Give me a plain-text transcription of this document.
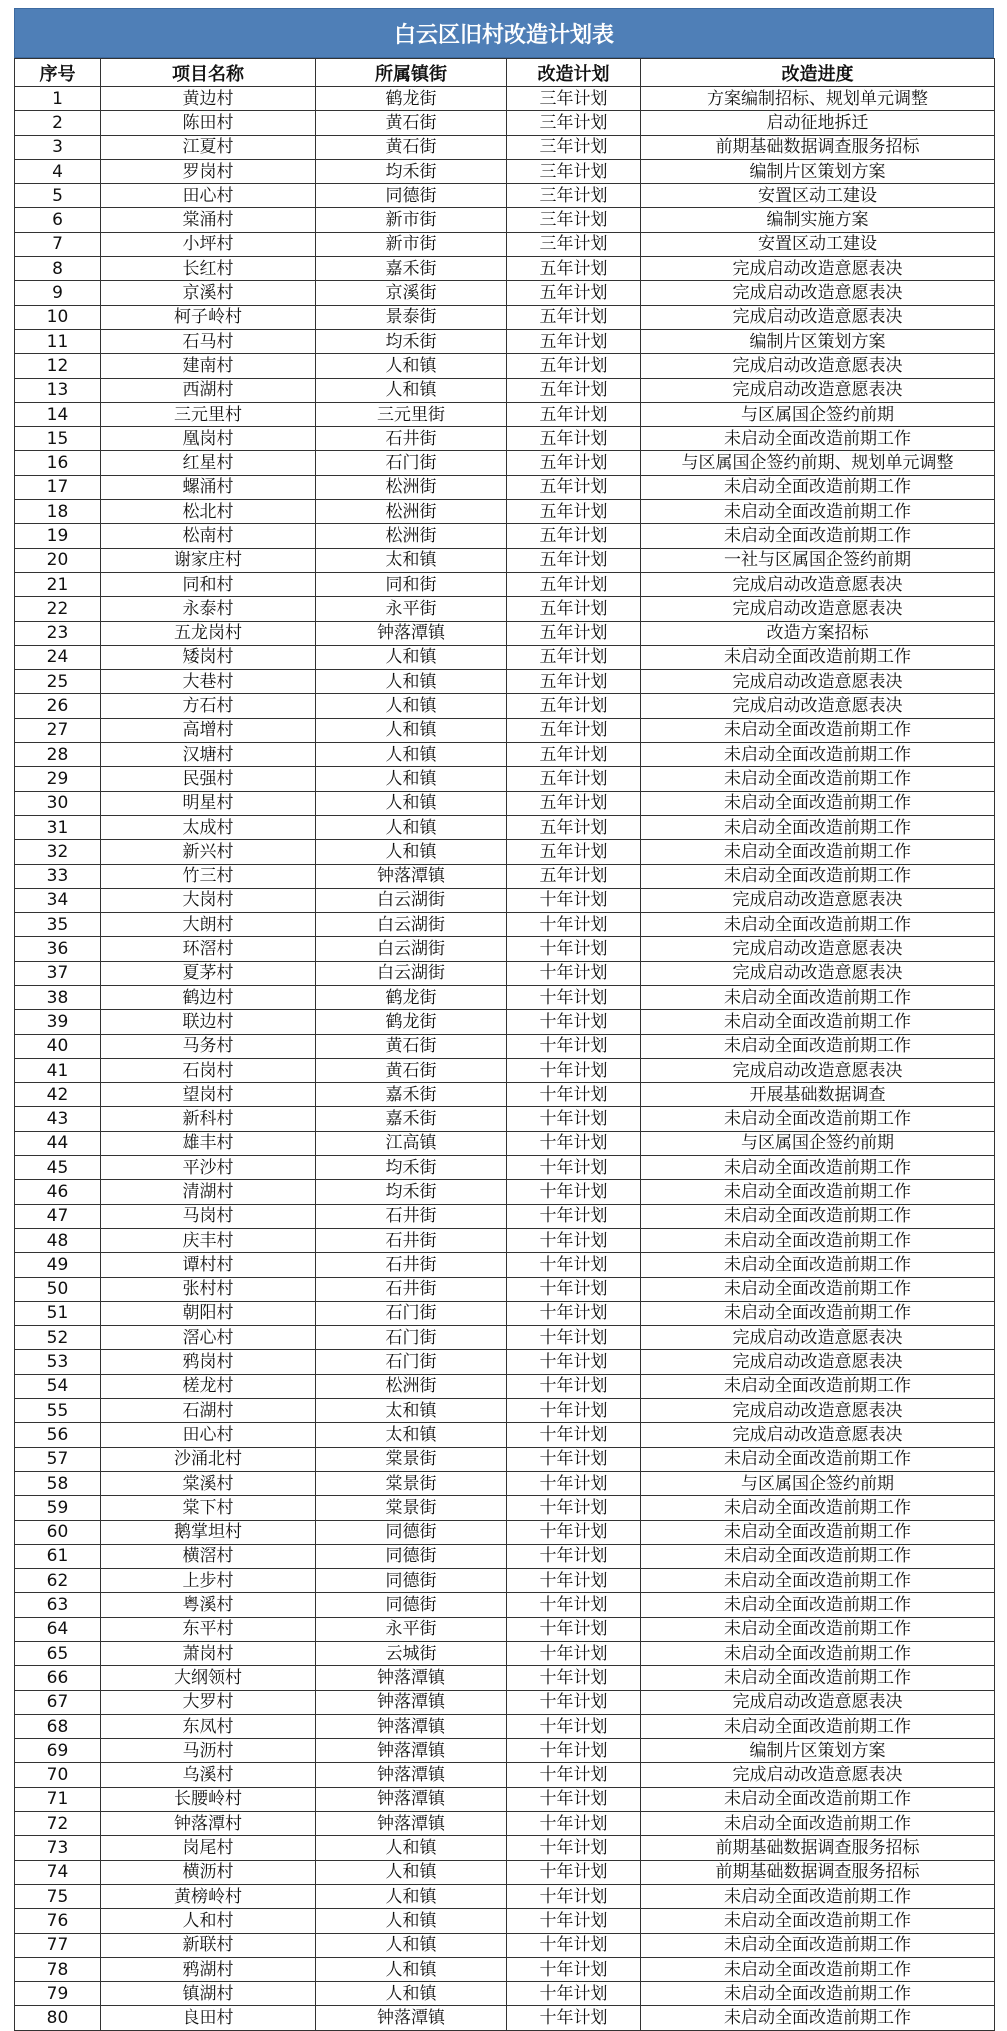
白云区旧村改造计划表
序号	项目名称	所属镇街	改造计划	改造进度
1	黄边村	鹤龙街	三年计划	方案编制招标、规划单元调整
2	陈田村	黄石街	三年计划	启动征地拆迁
3	江夏村	黄石街	三年计划	前期基础数据调查服务招标
4	罗岗村	均禾街	三年计划	编制片区策划方案
5	田心村	同德街	三年计划	安置区动工建设
6	棠涌村	新市街	三年计划	编制实施方案
7	小坪村	新市街	三年计划	安置区动工建设
8	长红村	嘉禾街	五年计划	完成启动改造意愿表决
9	京溪村	京溪街	五年计划	完成启动改造意愿表决
10	柯子岭村	景泰街	五年计划	完成启动改造意愿表决
11	石马村	均禾街	五年计划	编制片区策划方案
12	建南村	人和镇	五年计划	完成启动改造意愿表决
13	西湖村	人和镇	五年计划	完成启动改造意愿表决
14	三元里村	三元里街	五年计划	与区属国企签约前期
15	凰岗村	石井街	五年计划	未启动全面改造前期工作
16	红星村	石门街	五年计划	与区属国企签约前期、规划单元调整
17	螺涌村	松洲街	五年计划	未启动全面改造前期工作
18	松北村	松洲街	五年计划	未启动全面改造前期工作
19	松南村	松洲街	五年计划	未启动全面改造前期工作
20	谢家庄村	太和镇	五年计划	一社与区属国企签约前期
21	同和村	同和街	五年计划	完成启动改造意愿表决
22	永泰村	永平街	五年计划	完成启动改造意愿表决
23	五龙岗村	钟落潭镇	五年计划	改造方案招标
24	矮岗村	人和镇	五年计划	未启动全面改造前期工作
25	大巷村	人和镇	五年计划	完成启动改造意愿表决
26	方石村	人和镇	五年计划	完成启动改造意愿表决
27	高增村	人和镇	五年计划	未启动全面改造前期工作
28	汉塘村	人和镇	五年计划	未启动全面改造前期工作
29	民强村	人和镇	五年计划	未启动全面改造前期工作
30	明星村	人和镇	五年计划	未启动全面改造前期工作
31	太成村	人和镇	五年计划	未启动全面改造前期工作
32	新兴村	人和镇	五年计划	未启动全面改造前期工作
33	竹三村	钟落潭镇	五年计划	未启动全面改造前期工作
34	大岗村	白云湖街	十年计划	完成启动改造意愿表决
35	大朗村	白云湖街	十年计划	未启动全面改造前期工作
36	环滘村	白云湖街	十年计划	完成启动改造意愿表决
37	夏茅村	白云湖街	十年计划	完成启动改造意愿表决
38	鹤边村	鹤龙街	十年计划	未启动全面改造前期工作
39	联边村	鹤龙街	十年计划	未启动全面改造前期工作
40	马务村	黄石街	十年计划	未启动全面改造前期工作
41	石岗村	黄石街	十年计划	完成启动改造意愿表决
42	望岗村	嘉禾街	十年计划	开展基础数据调查
43	新科村	嘉禾街	十年计划	未启动全面改造前期工作
44	雄丰村	江高镇	十年计划	与区属国企签约前期
45	平沙村	均禾街	十年计划	未启动全面改造前期工作
46	清湖村	均禾街	十年计划	未启动全面改造前期工作
47	马岗村	石井街	十年计划	未启动全面改造前期工作
48	庆丰村	石井街	十年计划	未启动全面改造前期工作
49	谭村村	石井街	十年计划	未启动全面改造前期工作
50	张村村	石井街	十年计划	未启动全面改造前期工作
51	朝阳村	石门街	十年计划	未启动全面改造前期工作
52	滘心村	石门街	十年计划	完成启动改造意愿表决
53	鸦岗村	石门街	十年计划	完成启动改造意愿表决
54	槎龙村	松洲街	十年计划	未启动全面改造前期工作
55	石湖村	太和镇	十年计划	完成启动改造意愿表决
56	田心村	太和镇	十年计划	完成启动改造意愿表决
57	沙涌北村	棠景街	十年计划	未启动全面改造前期工作
58	棠溪村	棠景街	十年计划	与区属国企签约前期
59	棠下村	棠景街	十年计划	未启动全面改造前期工作
60	鹅掌坦村	同德街	十年计划	未启动全面改造前期工作
61	横滘村	同德街	十年计划	未启动全面改造前期工作
62	上步村	同德街	十年计划	未启动全面改造前期工作
63	粤溪村	同德街	十年计划	未启动全面改造前期工作
64	东平村	永平街	十年计划	未启动全面改造前期工作
65	萧岗村	云城街	十年计划	未启动全面改造前期工作
66	大纲领村	钟落潭镇	十年计划	未启动全面改造前期工作
67	大罗村	钟落潭镇	十年计划	完成启动改造意愿表决
68	东凤村	钟落潭镇	十年计划	未启动全面改造前期工作
69	马沥村	钟落潭镇	十年计划	编制片区策划方案
70	乌溪村	钟落潭镇	十年计划	完成启动改造意愿表决
71	长腰岭村	钟落潭镇	十年计划	未启动全面改造前期工作
72	钟落潭村	钟落潭镇	十年计划	未启动全面改造前期工作
73	岗尾村	人和镇	十年计划	前期基础数据调查服务招标
74	横沥村	人和镇	十年计划	前期基础数据调查服务招标
75	黄榜岭村	人和镇	十年计划	未启动全面改造前期工作
76	人和村	人和镇	十年计划	未启动全面改造前期工作
77	新联村	人和镇	十年计划	未启动全面改造前期工作
78	鸦湖村	人和镇	十年计划	未启动全面改造前期工作
79	镇湖村	人和镇	十年计划	未启动全面改造前期工作
80	良田村	钟落潭镇	十年计划	未启动全面改造前期工作
